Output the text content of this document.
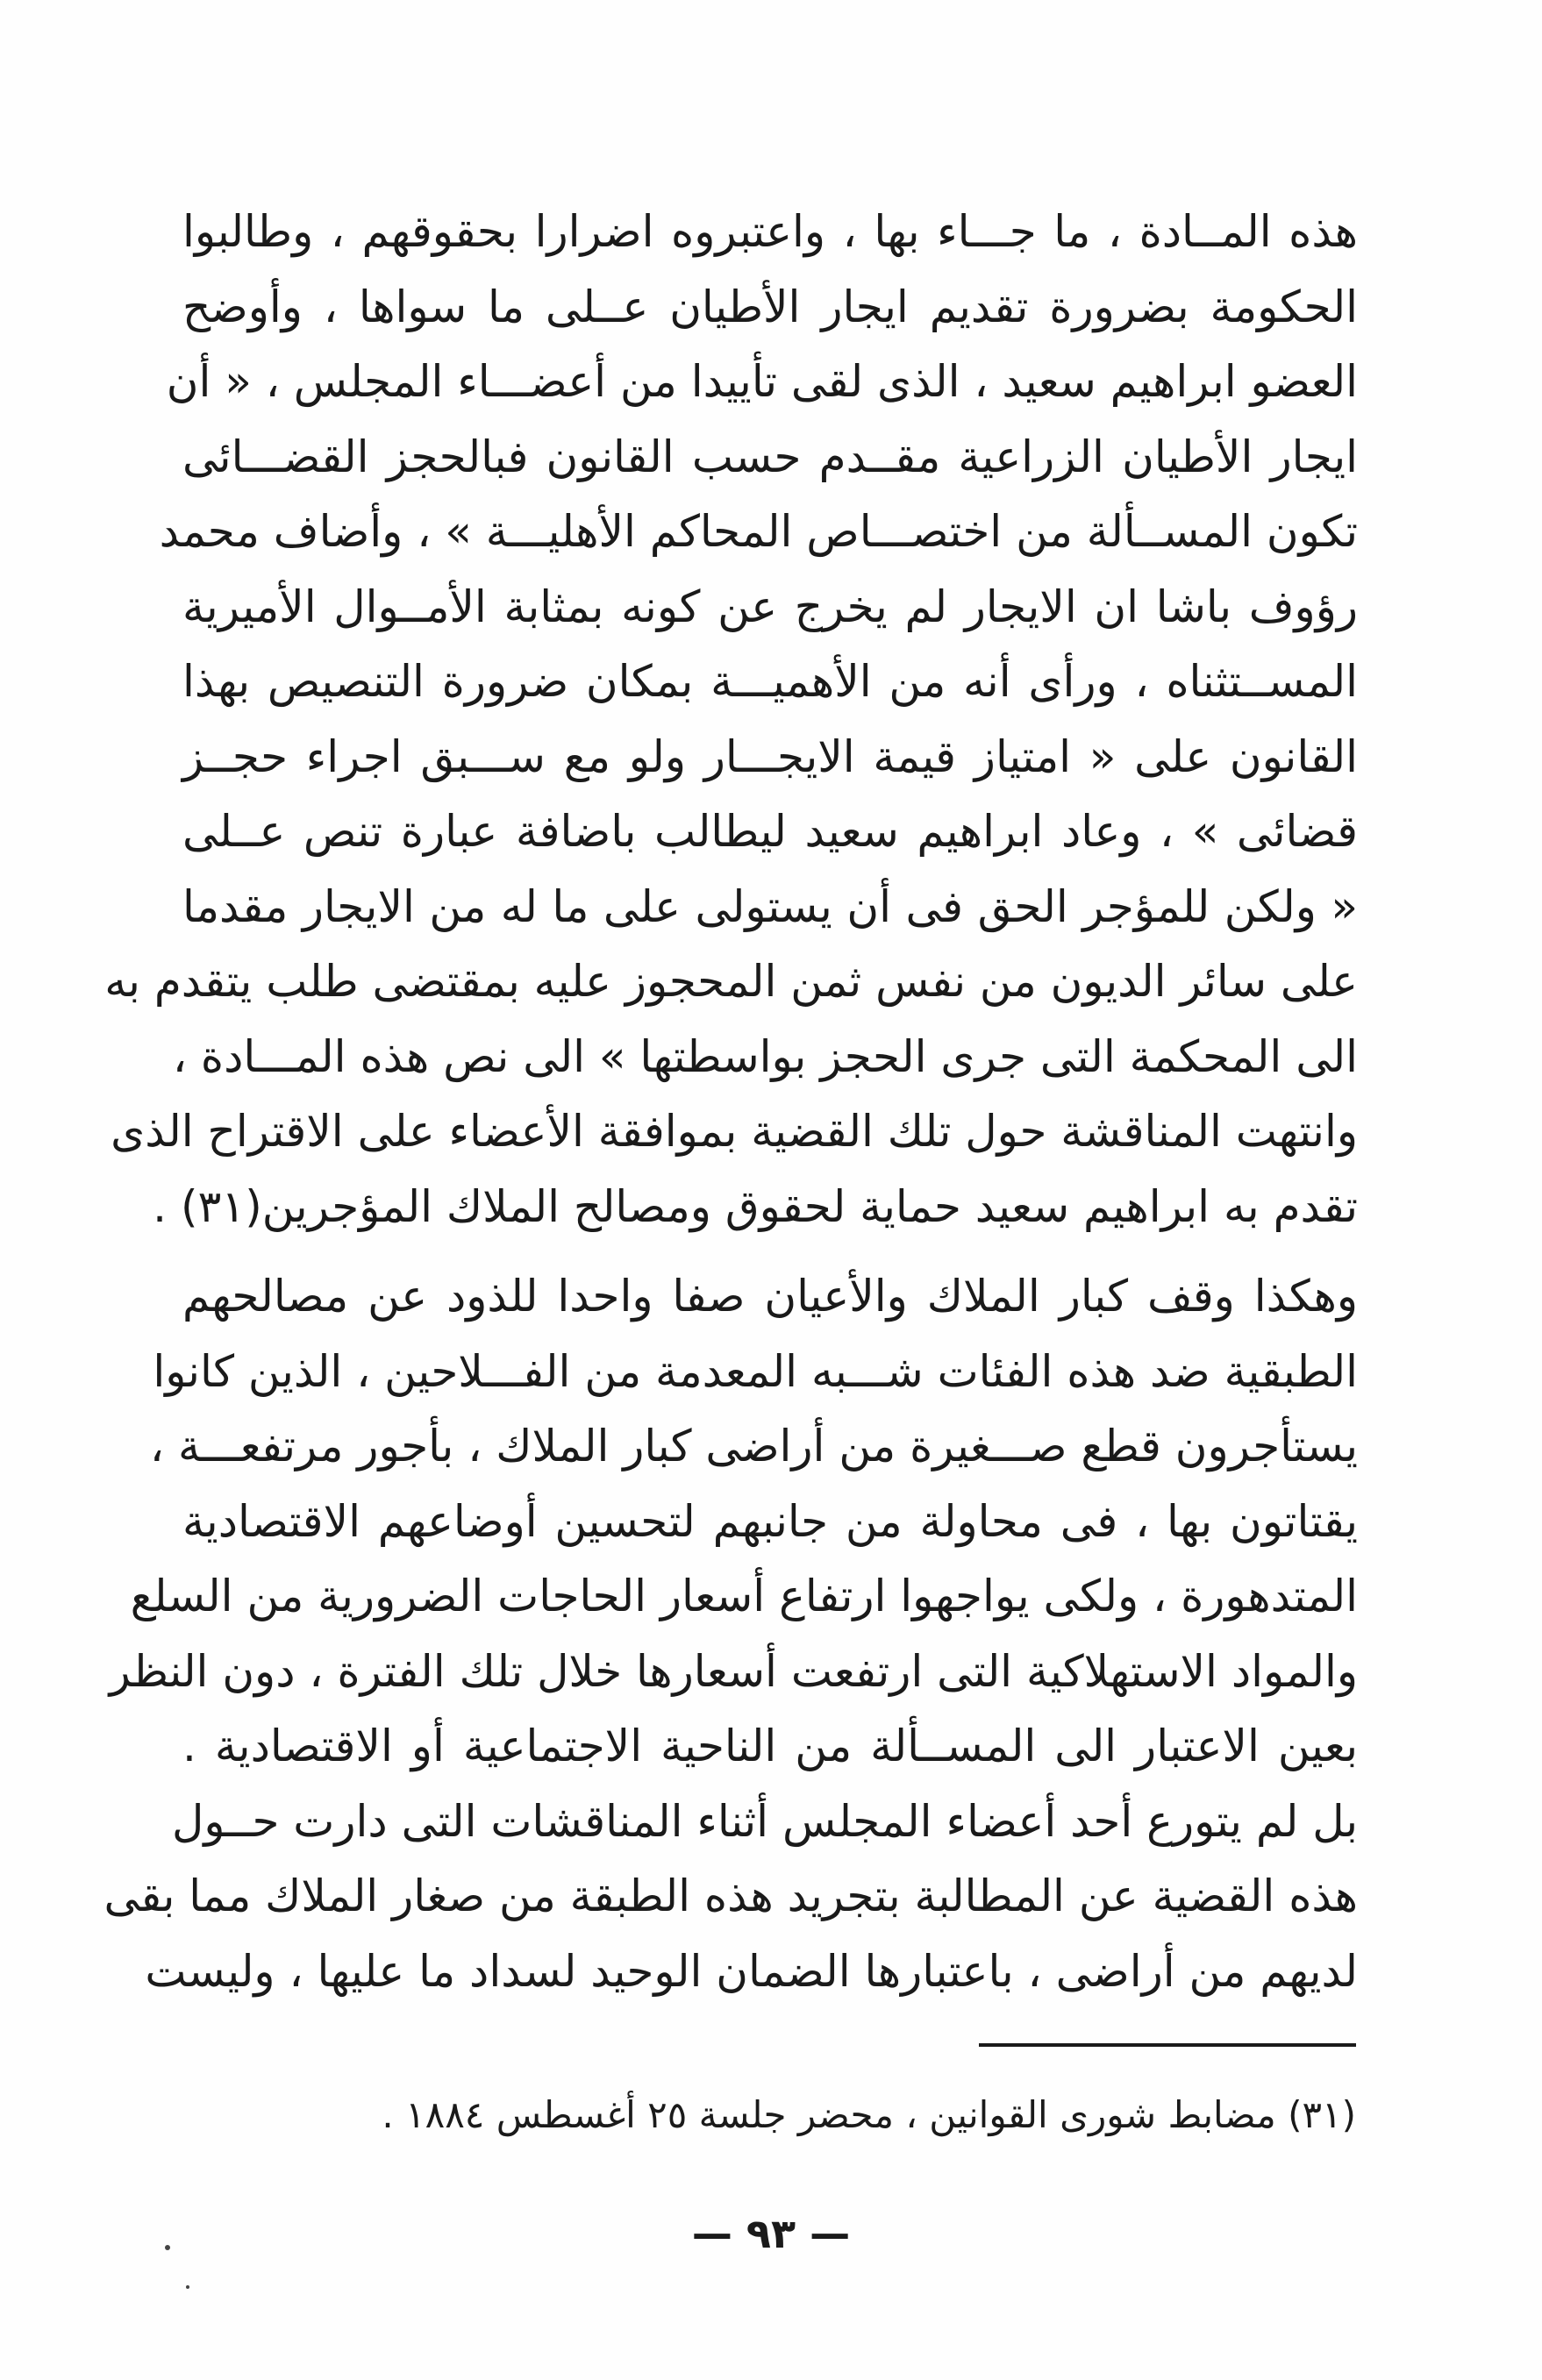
هذه المــادة ، ما جـــاء بها ، واعتبروه اضرارا بحقوقهم ، وطالبوا
الحكومة بضرورة تقديم ايجار الأطيان عــلى ما سواها ، وأوضح
العضو ابراهيم سعيد ، الذى لقى تأييدا من أعضـــاء المجلس ، « أن
ايجار الأطيان الزراعية مقــدم حسب القانون فبالحجز القضـــائى
تكون المســألة من اختصـــاص المحاكم الأهليـــة » ، وأضاف محمد
رؤوف باشا ان الايجار لم يخرج عن كونه بمثابة الأمــوال الأميرية
المســتثناه ، ورأى أنه من الأهميـــة بمكان ضرورة التنصيص بهذا
القانون على « امتياز قيمة الايجـــار ولو مع ســـبق اجراء حجــز
قضائى » ، وعاد ابراهيم سعيد ليطالب باضافة عبارة تنص عــلى
« ولكن للمؤجر الحق فى أن يستولى على ما له من الايجار مقدما
على سائر الديون من نفس ثمن المحجوز عليه بمقتضى طلب يتقدم به
الى المحكمة التى جرى الحجز بواسطتها » الى نص هذه المـــادة ،
وانتهت المناقشة حول تلك القضية بموافقة الأعضاء على الاقتراح الذى
تقدم به ابراهيم سعيد حماية لحقوق ومصالح الملاك المؤجرين(٣١) .
وهكذا وقف كبار الملاك والأعيان صفا واحدا للذود عن مصالحهم
الطبقية ضد هذه الفئات شـــبه المعدمة من الفـــلاحين ، الذين كانوا
يستأجرون قطع صـــغيرة من أراضى كبار الملاك ، بأجور مرتفعـــة ،
يقتاتون بها ، فى محاولة من جانبهم لتحسين أوضاعهم الاقتصادية
المتدهورة ، ولكى يواجهوا ارتفاع أسعار الحاجات الضرورية من السلع
والمواد الاستهلاكية التى ارتفعت أسعارها خلال تلك الفترة ، دون النظر
بعين الاعتبار الى المســألة من الناحية الاجتماعية أو الاقتصادية .
بل لم يتورع أحد أعضاء المجلس أثناء المناقشات التى دارت حــول
هذه القضية عن المطالبة بتجريد هذه الطبقة من صغار الملاك مما بقى
لديهم من أراضى ، باعتبارها الضمان الوحيد لسداد ما عليها ، وليست
(٣١) مضابط شورى القوانين ، محضر جلسة ٢٥ أغسطس ١٨٨٤ .
— ٩٣ —
